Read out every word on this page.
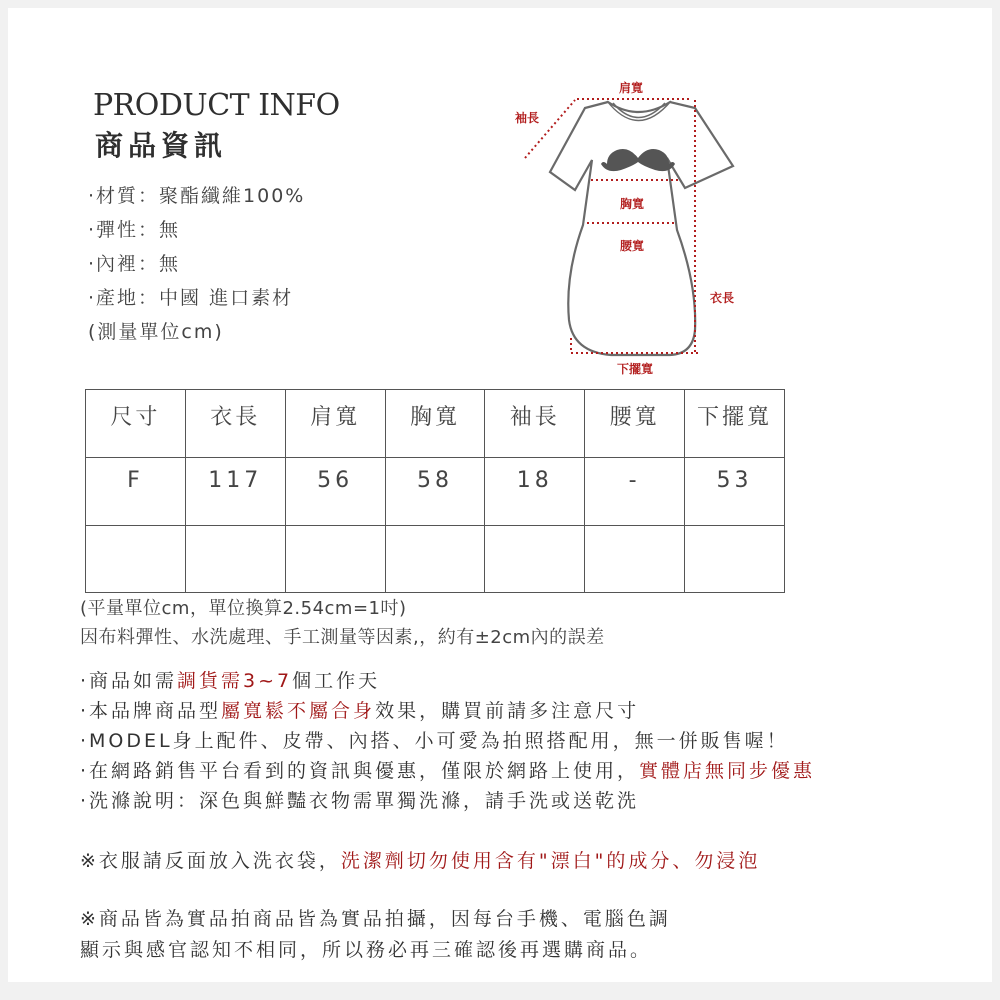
PRODUCT INFO
商品資訊
·材質：聚酯纖維100%
·彈性：無
·內裡：無
·產地：中國 進口素材
(測量單位cm)
肩寬
袖長
胸寬
腰寬
衣長
下擺寬
尺寸	衣長	肩寬	胸寬	袖長	腰寬	下擺寬
F	117	56	58	18	-	53

(平量單位cm，單位換算2.54cm=1吋)
因布料彈性、水洗處理、手工測量等因素,，約有±2cm內的誤差
·商品如需調貨需3~7個工作天
·本品牌商品型屬寬鬆不屬合身效果，購買前請多注意尺寸
·MODEL身上配件、皮帶、內搭、小可愛為拍照搭配用，無一併販售喔！
·在網路銷售平台看到的資訊與優惠，僅限於網路上使用，實體店無同步優惠
·洗滌說明：深色與鮮豔衣物需單獨洗滌，請手洗或送乾洗
※衣服請反面放入洗衣袋，洗潔劑切勿使用含有"漂白"的成分、勿浸泡
※商品皆為實品拍商品皆為實品拍攝，因每台手機、電腦色調
顯示與感官認知不相同，所以務必再三確認後再選購商品。
